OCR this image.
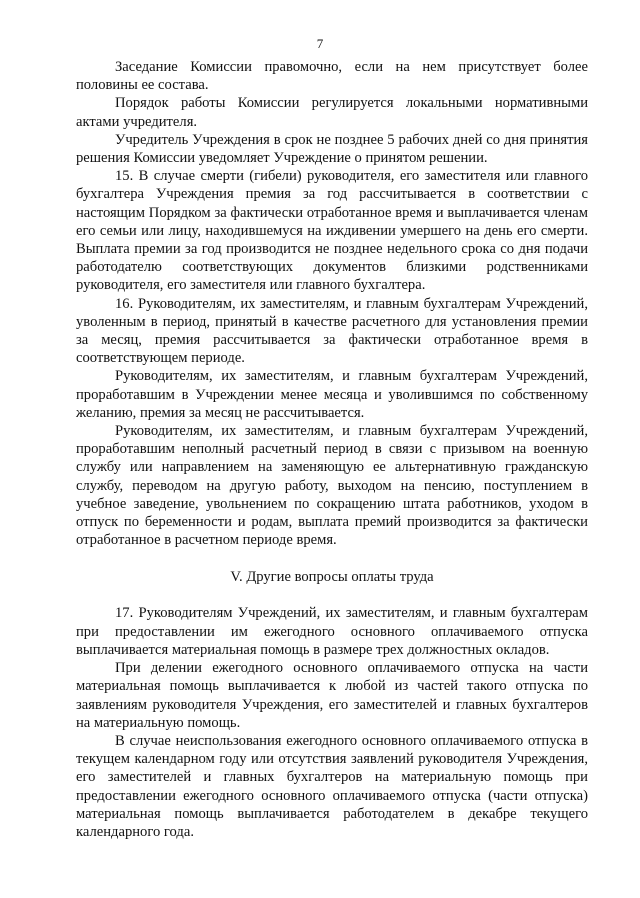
7

Заседание Комиссии правомочно, если на нем присутствует более половины ее состава.

Порядок работы Комиссии регулируется локальными нормативными актами учредителя.

Учредитель Учреждения в срок не позднее 5 рабочих дней со дня принятия решения Комиссии уведомляет Учреждение о принятом решении.

15. В случае смерти (гибели) руководителя, его заместителя или главного бухгалтера Учреждения премия за год рассчитывается в соответствии с настоящим Порядком за фактически отработанное время и выплачивается членам его семьи или лицу, находившемуся на иждивении умершего на день его смерти. Выплата премии за год производится не позднее недельного срока со дня подачи работодателю соответствующих документов близкими родственниками руководителя, его заместителя или главного бухгалтера.

16. Руководителям, их заместителям, и главным бухгалтерам Учреждений, уволенным в период, принятый в качестве расчетного для установления премии за месяц, премия рассчитывается за фактически отработанное время в соответствующем периоде.

Руководителям, их заместителям, и главным бухгалтерам Учреждений, проработавшим в Учреждении менее месяца и уволившимся по собственному желанию, премия за месяц не рассчитывается.

Руководителям, их заместителям, и главным бухгалтерам Учреждений, проработавшим неполный расчетный период в связи с призывом на военную службу или направлением на заменяющую ее альтернативную гражданскую службу, переводом на другую работу, выходом на пенсию, поступлением в учебное заведение, увольнением по сокращению штата работников, уходом в отпуск по беременности и родам, выплата премий производится за фактически отработанное в расчетном периоде время.

V. Другие вопросы оплаты труда

17. Руководителям Учреждений, их заместителям, и главным бухгалтерам при предоставлении им ежегодного основного оплачиваемого отпуска выплачивается материальная помощь в размере трех должностных окладов.

При делении ежегодного основного оплачиваемого отпуска на части материальная помощь выплачивается к любой из частей такого отпуска по заявлениям руководителя Учреждения, его заместителей и главных бухгалтеров на материальную помощь.

В случае неиспользования ежегодного основного оплачиваемого отпуска в текущем календарном году или отсутствия заявлений руководителя Учреждения, его заместителей и главных бухгалтеров на материальную помощь при предоставлении ежегодного основного оплачиваемого отпуска (части отпуска) материальная помощь выплачивается работодателем в декабре текущего календарного года.
